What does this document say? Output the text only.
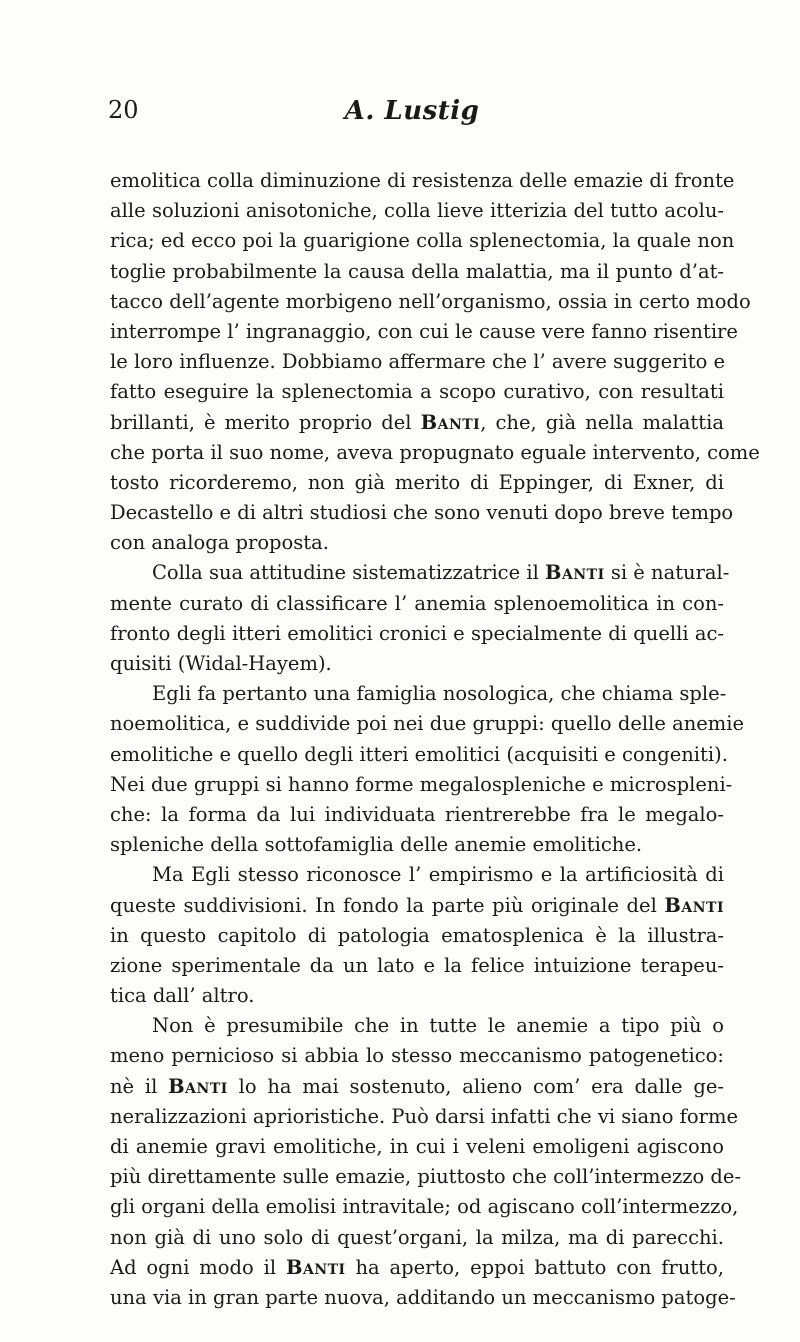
20	A. Lustig
emolitica colla diminuzione di resistenza delle emazie di fronte
alle soluzioni anisotoniche, colla lieve itterizia del tutto acolu-
rica; ed ecco poi la guarigione colla splenectomia, la quale non
toglie probabilmente la causa della malattia, ma il punto d’at-
tacco dell’agente morbigeno nell’organismo, ossia in certo modo
interrompe l’ ingranaggio, con cui le cause vere fanno risentire
le loro influenze. Dobbiamo affermare che l’ avere suggerito e
fatto eseguire la splenectomia a scopo curativo, con resultati
brillanti, è merito proprio del Banti, che, già nella malattia
che porta il suo nome, aveva propugnato eguale intervento, come
tosto ricorderemo, non già merito di Eppinger, di Exner, di
Decastello e di altri studiosi che sono venuti dopo breve tempo
con analoga proposta.
Colla sua attitudine sistematizzatrice il Banti si è natural-
mente curato di classificare l’ anemia splenoemolitica in con-
fronto degli itteri emolitici cronici e specialmente di quelli ac-
quisiti (Widal-Hayem).
Egli fa pertanto una famiglia nosologica, che chiama sple-
noemolitica, e suddivide poi nei due gruppi: quello delle anemie
emolitiche e quello degli itteri emolitici (acquisiti e congeniti).
Nei due gruppi si hanno forme megalospleniche e microspleni-
che: la forma da lui individuata rientrerebbe fra le megalo-
spleniche della sottofamiglia delle anemie emolitiche.
Ma Egli stesso riconosce l’ empirismo e la artificiosità di
queste suddivisioni. In fondo la parte più originale del Banti
in questo capitolo di patologia ematosplenica è la illustra-
zione sperimentale da un lato e la felice intuizione terapeu-
tica dall’ altro.
Non è presumibile che in tutte le anemie a tipo più o
meno pernicioso si abbia lo stesso meccanismo patogenetico:
nè il Banti lo ha mai sostenuto, alieno com’ era dalle ge-
neralizzazioni aprioristiche. Può darsi infatti che vi siano forme
di anemie gravi emolitiche, in cui i veleni emoligeni agiscono
più direttamente sulle emazie, piuttosto che coll’intermezzo de-
gli organi della emolisi intravitale; od agiscano coll’intermezzo,
non già di uno solo di quest’organi, la milza, ma di parecchi.
Ad ogni modo il Banti ha aperto, eppoi battuto con frutto,
una via in gran parte nuova, additando un meccanismo patoge-
